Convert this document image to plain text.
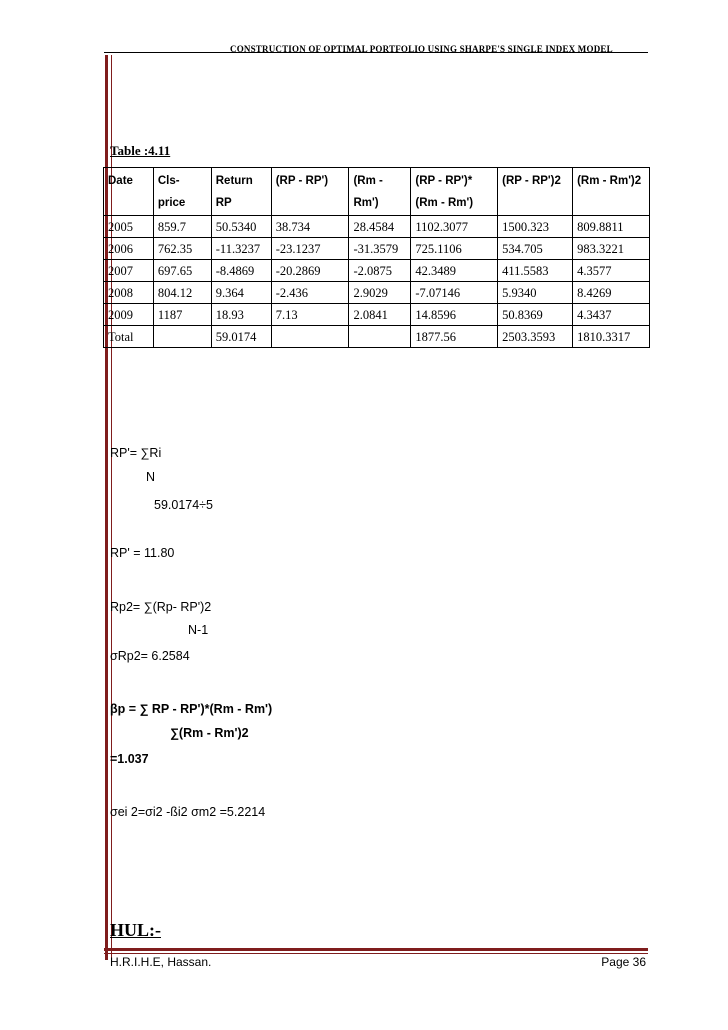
CONSTRUCTION OF OPTIMAL PORTFOLIO USING SHARPE'S SINGLE INDEX MODEL
Table :4.11
Date	Cls-price	Return RP	(RP - RP')	(Rm - Rm')	(RP - RP')* (Rm - Rm')	(RP - RP')2	(Rm - Rm')2
2005	859.7	50.5340	38.734	28.4584	1102.3077	1500.323	809.8811
2006	762.35	-11.3237	-23.1237	-31.3579	725.1106	534.705	983.3221
2007	697.65	-8.4869	-20.2869	-2.0875	42.3489	411.5583	4.3577
2008	804.12	9.364	-2.436	2.9029	-7.07146	5.9340	8.4269
2009	1187	18.93	7.13	2.0841	14.8596	50.8369	4.3437
Total		59.0174			1877.56	2503.3593	1810.3317
RP'= ∑Ri
N
59.0174÷5
RP' = 11.80
Rp2= ∑(Rp- RP')2
N-1
σRp2= 6.2584
βp = ∑ RP - RP')*(Rm - Rm')
∑(Rm - Rm')2
=1.037
σei 2=σi2 -ßi2 σm2 =5.2214
HUL:-
H.R.I.H.E, Hassan.	Page 36
